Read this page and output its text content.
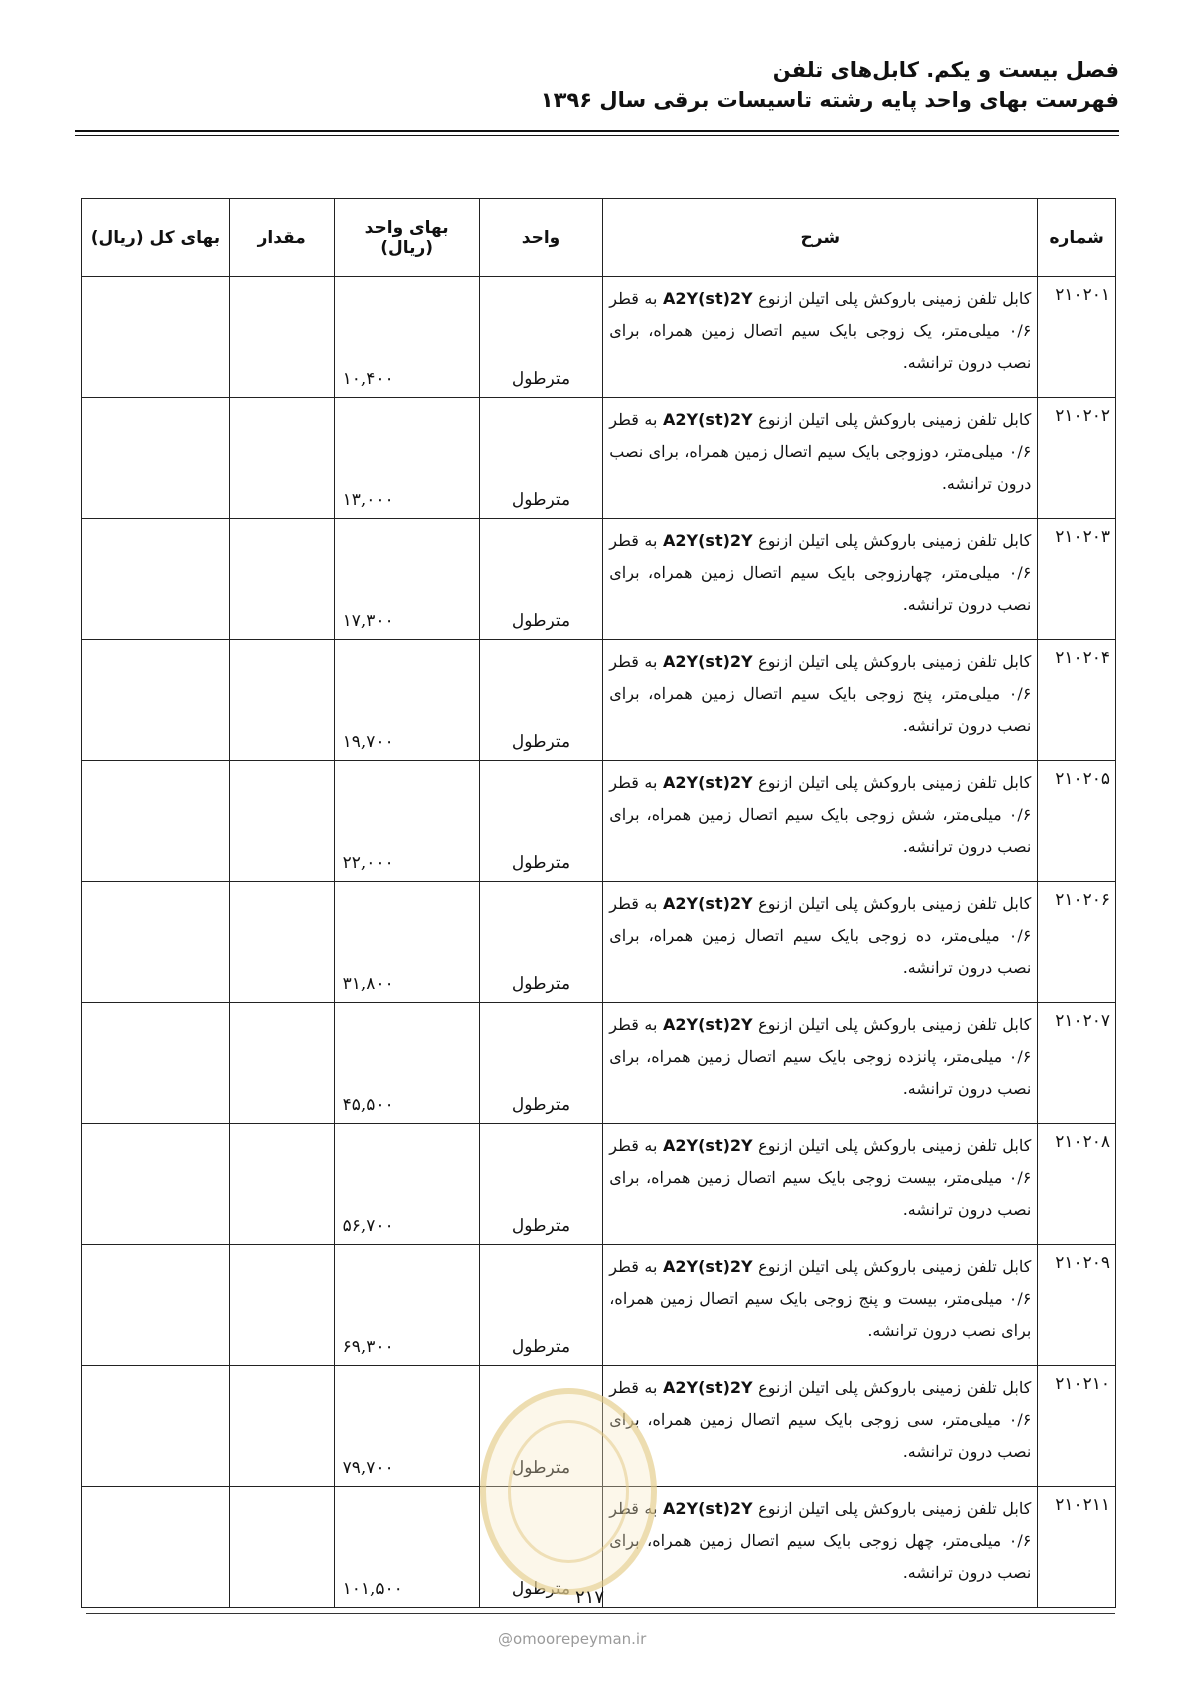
فصل بیست و یکم. کابل‌های تلفن
فهرست بهای واحد پایه رشته تاسیسات برقی سال ۱۳۹۶
شماره	شرح	واحد	بهای واحد (ریال)	مقدار	بهای کل (ریال)
۲۱۰۲۰۱	کابل تلفن زمینی باروکش پلی اتیلن ازنوع A2Y(st)2Y به قطر ۰/۶ میلی‌متر، یک زوجی بایک سیم اتصال زمین همراه، برای نصب درون ترانشه.	مترطول	۱۰,۴۰۰		
۲۱۰۲۰۲	کابل تلفن زمینی باروکش پلی اتیلن ازنوع A2Y(st)2Y به قطر ۰/۶ میلی‌متر، دوزوجی بایک سیم اتصال زمین همراه، برای نصب درون ترانشه.	مترطول	۱۳,۰۰۰		
۲۱۰۲۰۳	کابل تلفن زمینی باروکش پلی اتیلن ازنوع A2Y(st)2Y به قطر ۰/۶ میلی‌متر، چهارزوجی بایک سیم اتصال زمین همراه، برای نصب درون ترانشه.	مترطول	۱۷,۳۰۰		
۲۱۰۲۰۴	کابل تلفن زمینی باروکش پلی اتیلن ازنوع A2Y(st)2Y به قطر ۰/۶ میلی‌متر، پنج زوجی بایک سیم اتصال زمین همراه، برای نصب درون ترانشه.	مترطول	۱۹,۷۰۰		
۲۱۰۲۰۵	کابل تلفن زمینی باروکش پلی اتیلن ازنوع A2Y(st)2Y به قطر ۰/۶ میلی‌متر، شش زوجی بایک سیم اتصال زمین همراه، برای نصب درون ترانشه.	مترطول	۲۲,۰۰۰		
۲۱۰۲۰۶	کابل تلفن زمینی باروکش پلی اتیلن ازنوع A2Y(st)2Y به قطر ۰/۶ میلی‌متر، ده زوجی بایک سیم اتصال زمین همراه، برای نصب درون ترانشه.	مترطول	۳۱,۸۰۰		
۲۱۰۲۰۷	کابل تلفن زمینی باروکش پلی اتیلن ازنوع A2Y(st)2Y به قطر ۰/۶ میلی‌متر، پانزده زوجی بایک سیم اتصال زمین همراه، برای نصب درون ترانشه.	مترطول	۴۵,۵۰۰		
۲۱۰۲۰۸	کابل تلفن زمینی باروکش پلی اتیلن ازنوع A2Y(st)2Y به قطر ۰/۶ میلی‌متر، بیست زوجی بایک سیم اتصال زمین همراه، برای نصب درون ترانشه.	مترطول	۵۶,۷۰۰		
۲۱۰۲۰۹	کابل تلفن زمینی باروکش پلی اتیلن ازنوع A2Y(st)2Y به قطر ۰/۶ میلی‌متر، بیست و پنج زوجی بایک سیم اتصال زمین همراه، برای نصب درون ترانشه.	مترطول	۶۹,۳۰۰		
۲۱۰۲۱۰	کابل تلفن زمینی باروکش پلی اتیلن ازنوع A2Y(st)2Y به قطر ۰/۶ میلی‌متر، سی زوجی بایک سیم اتصال زمین همراه، برای نصب درون ترانشه.	مترطول	۷۹,۷۰۰		
۲۱۰۲۱۱	کابل تلفن زمینی باروکش پلی اتیلن ازنوع A2Y(st)2Y به قطر ۰/۶ میلی‌متر، چهل زوجی بایک سیم اتصال زمین همراه، برای نصب درون ترانشه.	مترطول	۱۰۱,۵۰۰			۲۱۷
@omoorepeyman.ir
